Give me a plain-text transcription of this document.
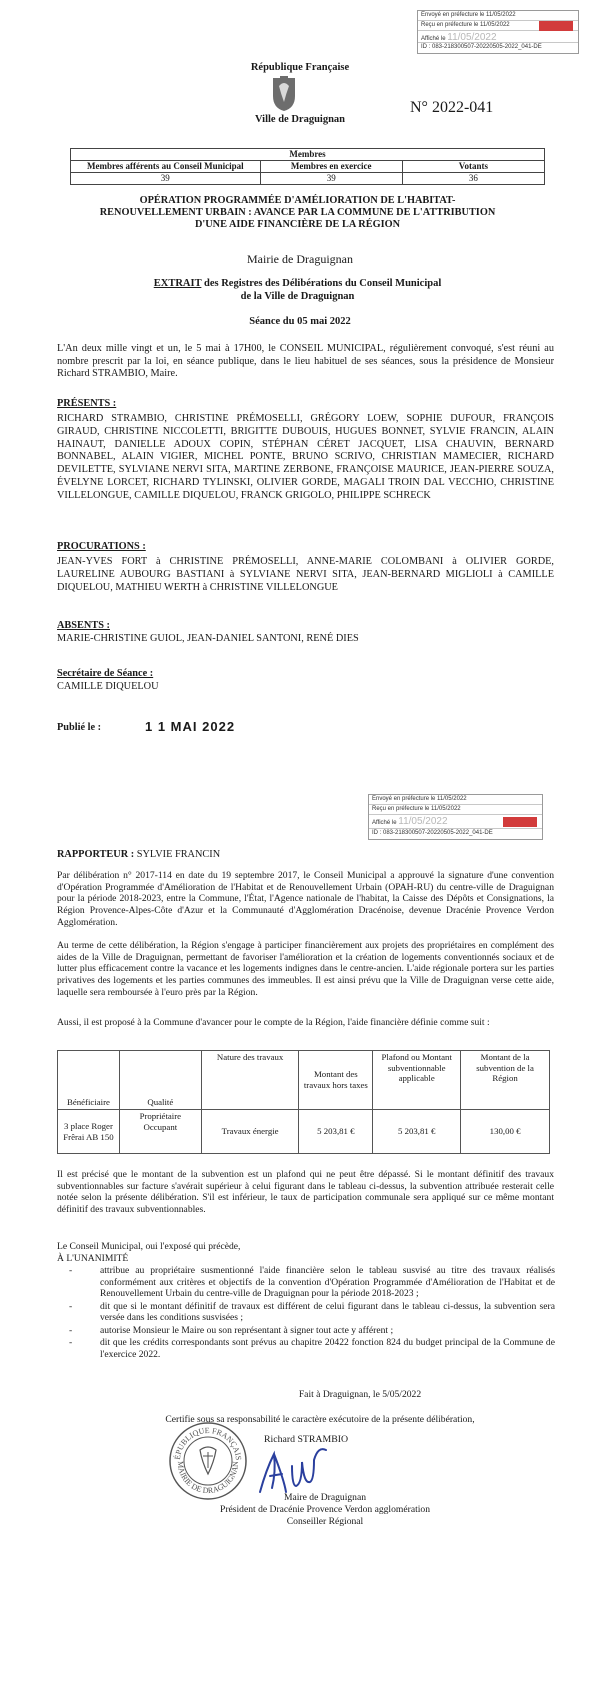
Envoyé en préfecture le 11/05/2022
Reçu en préfecture le 11/05/2022
Affiché le 11/05/2022
ID : 083-218300507-20220505-2022_041-DE
République Française
Ville de Draguignan
N° 2022-041
Membres		
Membres afférents au Conseil Municipal	Membres en exercice	Votants
39	39	36
OPÉRATION PROGRAMMÉE D'AMÉLIORATION DE L'HABITAT-
RENOUVELLEMENT URBAIN : AVANCE PAR LA COMMUNE DE L'ATTRIBUTION
D'UNE AIDE FINANCIÈRE DE LA RÉGION
Mairie de Draguignan
EXTRAIT des Registres des Délibérations du Conseil Municipal
de la Ville de Draguignan
Séance du 05 mai 2022
L'An deux mille vingt et un, le 5 mai à 17H00, le CONSEIL MUNICIPAL, régulièrement convoqué, s'est réuni au nombre prescrit par la loi, en séance publique, dans le lieu habituel de ses séances, sous la présidence de Monsieur Richard STRAMBIO, Maire.
PRÉSENTS :
RICHARD STRAMBIO, CHRISTINE PRÉMOSELLI, GRÉGORY LOEW, SOPHIE DUFOUR, FRANÇOIS GIRAUD, CHRISTINE NICCOLETTI, BRIGITTE DUBOUIS, HUGUES BONNET, SYLVIE FRANCIN, ALAIN HAINAUT, DANIELLE ADOUX COPIN, STÉPHAN CÉRET JACQUET, LISA CHAUVIN, BERNARD BONNABEL, ALAIN VIGIER, MICHEL PONTE, BRUNO SCRIVO, CHRISTIAN MAMECIER, RICHARD DEVILETTE, SYLVIANE NERVI SITA, MARTINE ZERBONE, FRANÇOISE MAURICE, JEAN-PIERRE SOUZA, ÉVELYNE LORCET, RICHARD TYLINSKI, OLIVIER GORDE, MAGALI TROIN DAL VECCHIO, CHRISTINE VILLELONGUE, CAMILLE DIQUELOU, FRANCK GRIGOLO, PHILIPPE SCHRECK
PROCURATIONS :
JEAN-YVES FORT à CHRISTINE PRÉMOSELLI, ANNE-MARIE COLOMBANI à OLIVIER GORDE, LAURELINE AUBOURG BASTIANI à SYLVIANE NERVI SITA, JEAN-BERNARD MIGLIOLI à CAMILLE DIQUELOU, MATHIEU WERTH à CHRISTINE VILLELONGUE
ABSENTS :
MARIE-CHRISTINE GUIOL, JEAN-DANIEL SANTONI, RENÉ DIES
Secrétaire de Séance :
CAMILLE DIQUELOU
Publié le :	1 1 MAI 2022
Envoyé en préfecture le 11/05/2022
Reçu en préfecture le 11/05/2022
Affiché le 11/05/2022
ID : 083-218300507-20220505-2022_041-DE
RAPPORTEUR : SYLVIE FRANCIN
Par délibération n° 2017-114 en date du 19 septembre 2017, le Conseil Municipal a approuvé la signature d'une convention d'Opération Programmée d'Amélioration de l'Habitat et de Renouvellement Urbain (OPAH-RU) du centre-ville de Draguignan pour la période 2018-2023, entre la Commune, l'État, l'Agence nationale de l'habitat, la Caisse des Dépôts et Consignations, la Région Provence-Alpes-Côte d'Azur et la Communauté d'Agglomération Dracénoise, devenue Dracénie Provence Verdon Agglomération.
Au terme de cette délibération, la Région s'engage à participer financièrement aux projets des propriétaires en complément des aides de la Ville de Draguignan, permettant de favoriser l'amélioration et la création de logements conventionnés sociaux et de lutter plus efficacement contre la vacance et les logements indignes dans le centre-ancien. L'aide régionale portera sur les parties privatives des logements et les parties communes des immeubles. Il est ainsi prévu que la Ville de Draguignan verse cette aide, laquelle sera remboursée à l'euro près par la Région.
Aussi, il est proposé à la Commune d'avancer pour le compte de la Région, l'aide financière définie comme suit :
Bénéficiaire	Qualité	Nature des travaux	Montant des travaux hors taxes	Plafond ou Montant subventionnable applicable	Montant de la subvention de la Région
3 place Roger Frêrai AB 150	Propriétaire Occupant	Travaux énergie	5 203,81 €	5 203,81 €	130,00 €
Il est précisé que le montant de la subvention est un plafond qui ne peut être dépassé. Si le montant définitif des travaux subventionnables sur facture s'avérait supérieur à celui figurant dans le tableau ci-dessus, la subvention attribuée resterait celle notée selon la présente délibération. S'il est inférieur, le taux de participation communale sera appliqué sur ce même montant définitif des travaux subventionnables.
Le Conseil Municipal, oui l'exposé qui précède,
À L'UNANIMITÉ
-	attribue au propriétaire susmentionné l'aide financière selon le tableau susvisé au titre des travaux réalisés conformément aux critères et objectifs de la convention d'Opération Programmée d'Amélioration de l'Habitat et de Renouvellement Urbain du centre-ville de Draguignan pour la période 2018-2023 ;
-	dit que si le montant définitif de travaux est différent de celui figurant dans le tableau ci-dessus, la subvention sera versée dans les conditions susvisées ;
-	autorise Monsieur le Maire ou son représentant à signer tout acte y afférent ;
-	dit que les crédits correspondants sont prévus au chapitre 20422 fonction 824 du budget principal de la Commune de l'exercice 2022.
Fait à Draguignan, le 5/05/2022
Certifie sous sa responsabilité le caractère exécutoire de la présente délibération,
ÉPUBLIQUE FRANÇAIS
MAIRIE DE DRAGUIGNAN
Richard STRAMBIO
Maire de Draguignan
Président de Dracénie Provence Verdon agglomération
Conseiller Régional
